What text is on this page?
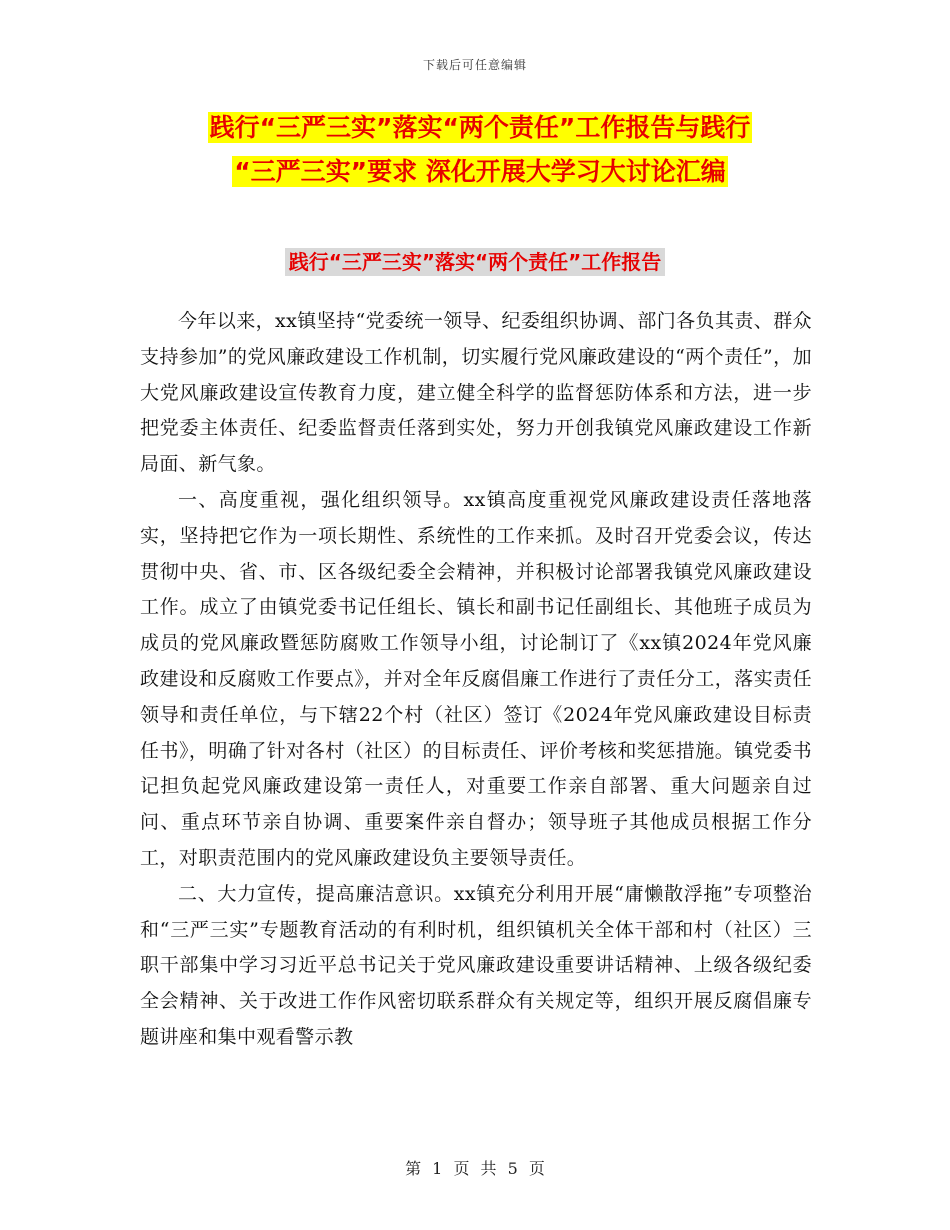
下载后可任意编辑
践行“三严三实”落实“两个责任”工作报告与践行
“三严三实”要求 深化开展大学习大讨论汇编
践行“三严三实”落实“两个责任”工作报告

今年以来，xx镇坚持“党委统一领导、纪委组织协调、部门各负其责、群众支持参加”的党风廉政建设工作机制，切实履行党风廉政建设的“两个责任”，加大党风廉政建设宣传教育力度，建立健全科学的监督惩防体系和方法，进一步把党委主体责任、纪委监督责任落到实处，努力开创我镇党风廉政建设工作新局面、新气象。

一、高度重视，强化组织领导。xx镇高度重视党风廉政建设责任落地落实，坚持把它作为一项长期性、系统性的工作来抓。及时召开党委会议，传达贯彻中央、省、市、区各级纪委全会精神，并积极讨论部署我镇党风廉政建设工作。成立了由镇党委书记任组长、镇长和副书记任副组长、其他班子成员为成员的党风廉政暨惩防腐败工作领导小组，讨论制订了《xx镇2024年党风廉政建设和反腐败工作要点》，并对全年反腐倡廉工作进行了责任分工，落实责任领导和责任单位，与下辖22个村（社区）签订《2024年党风廉政建设目标责任书》，明确了针对各村（社区）的目标责任、评价考核和奖惩措施。镇党委书记担负起党风廉政建设第一责任人，对重要工作亲自部署、重大问题亲自过问、重点环节亲自协调、重要案件亲自督办；领导班子其他成员根据工作分工，对职责范围内的党风廉政建设负主要领导责任。

二、大力宣传，提高廉洁意识。xx镇充分利用开展“庸懒散浮拖”专项整治和“三严三实”专题教育活动的有利时机，组织镇机关全体干部和村（社区）三职干部集中学习习近平总书记关于党风廉政建设重要讲话精神、上级各级纪委全会精神、关于改进工作作风密切联系群众有关规定等，组织开展反腐倡廉专题讲座和集中观看警示教

第 1 页 共 5 页
